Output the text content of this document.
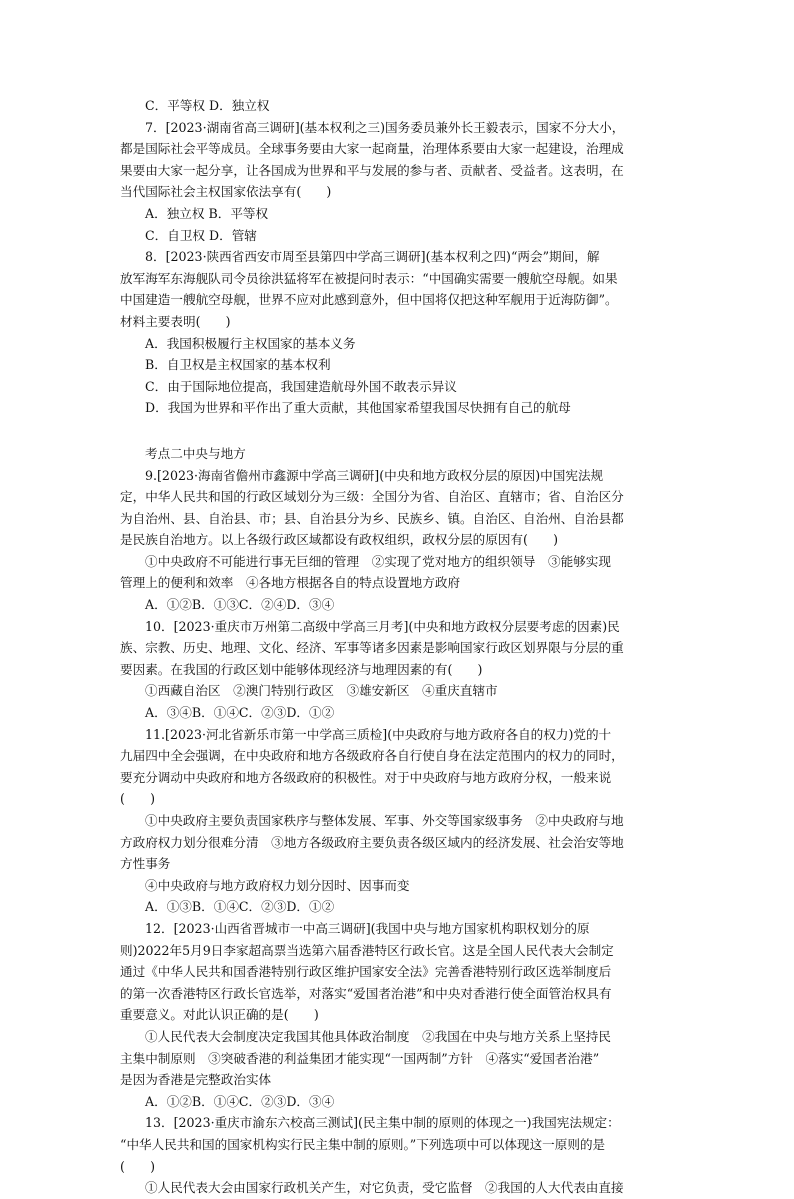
C．平等权 D．独立权
7．[2023·湖南省高三调研](基本权利之三)国务委员兼外长王毅表示，国家不分大小，
都是国际社会平等成员。全球事务要由大家一起商量，治理体系要由大家一起建设，治理成
果要由大家一起分享，让各国成为世界和平与发展的参与者、贡献者、受益者。这表明，在
当代国际社会主权国家依法享有(　　)
A．独立权 B．平等权
C．自卫权 D．管辖
8．[2023·陕西省西安市周至县第四中学高三调研](基本权利之四)“两会”期间，解
放军海军东海舰队司令员徐洪猛将军在被提问时表示：“中国确实需要一艘航空母舰。如果
中国建造一艘航空母舰，世界不应对此感到意外，但中国将仅把这种军舰用于近海防御”。
材料主要表明(　　)
A．我国积极履行主权国家的基本义务
B．自卫权是主权国家的基本权利
C．由于国际地位提高，我国建造航母外国不敢表示异议
D．我国为世界和平作出了重大贡献，其他国家希望我国尽快拥有自己的航母
考点二中央与地方
9.[2023·海南省儋州市鑫源中学高三调研](中央和地方政权分层的原因)中国宪法规
定，中华人民共和国的行政区域划分为三级：全国分为省、自治区、直辖市；省、自治区分
为自治州、县、自治县、市；县、自治县分为乡、民族乡、镇。自治区、自治州、自治县都
是民族自治地方。以上各级行政区域都设有政权组织，政权分层的原因有(　　)
①中央政府不可能进行事无巨细的管理　②实现了党对地方的组织领导　③能够实现
管理上的便利和效率　④各地方根据各自的特点设置地方政府
A．①②B．①③C．②④D．③④
10．[2023·重庆市万州第二高级中学高三月考](中央和地方政权分层要考虑的因素)民
族、宗教、历史、地理、文化、经济、军事等诸多因素是影响国家行政区划界限与分层的重
要因素。在我国的行政区划中能够体现经济与地理因素的有(　　)
①西藏自治区　②澳门特别行政区　③雄安新区　④重庆直辖市
A．③④B．①④C．②③D．①②
11.[2023·河北省新乐市第一中学高三质检](中央政府与地方政府各自的权力)党的十
九届四中全会强调，在中央政府和地方各级政府各自行使自身在法定范围内的权力的同时，
要充分调动中央政府和地方各级政府的积极性。对于中央政府与地方政府分权，一般来说
(　　)
①中央政府主要负责国家秩序与整体发展、军事、外交等国家级事务　②中央政府与地
方政府权力划分很难分清　③地方各级政府主要负责各级区域内的经济发展、社会治安等地
方性事务
④中央政府与地方政府权力划分因时、因事而变
A．①③B．①④C．②③D．①②
12．[2023·山西省晋城市一中高三调研](我国中央与地方国家机构职权划分的原
则)2022年5月9日李家超高票当选第六届香港特区行政长官。这是全国人民代表大会制定
通过《中华人民共和国香港特别行政区维护国家安全法》完善香港特别行政区选举制度后
的第一次香港特区行政长官选举，对落实“爱国者治港”和中央对香港行使全面管治权具有
重要意义。对此认识正确的是(　　)
①人民代表大会制度决定我国其他具体政治制度　②我国在中央与地方关系上坚持民
主集中制原则　③突破香港的利益集团才能实现“一国两制”方针　④落实“爱国者治港”
是因为香港是完整政治实体
A．①②B．①④C．②③D．③④
13．[2023·重庆市渝东六校高三测试](民主集中制的原则的体现之一)我国宪法规定：
“中华人民共和国的国家机构实行民主集中制的原则。”下列选项中可以体现这一原则的是
(　　)
①人民代表大会由国家行政机关产生，对它负责，受它监督　②我国的人大代表由直接
